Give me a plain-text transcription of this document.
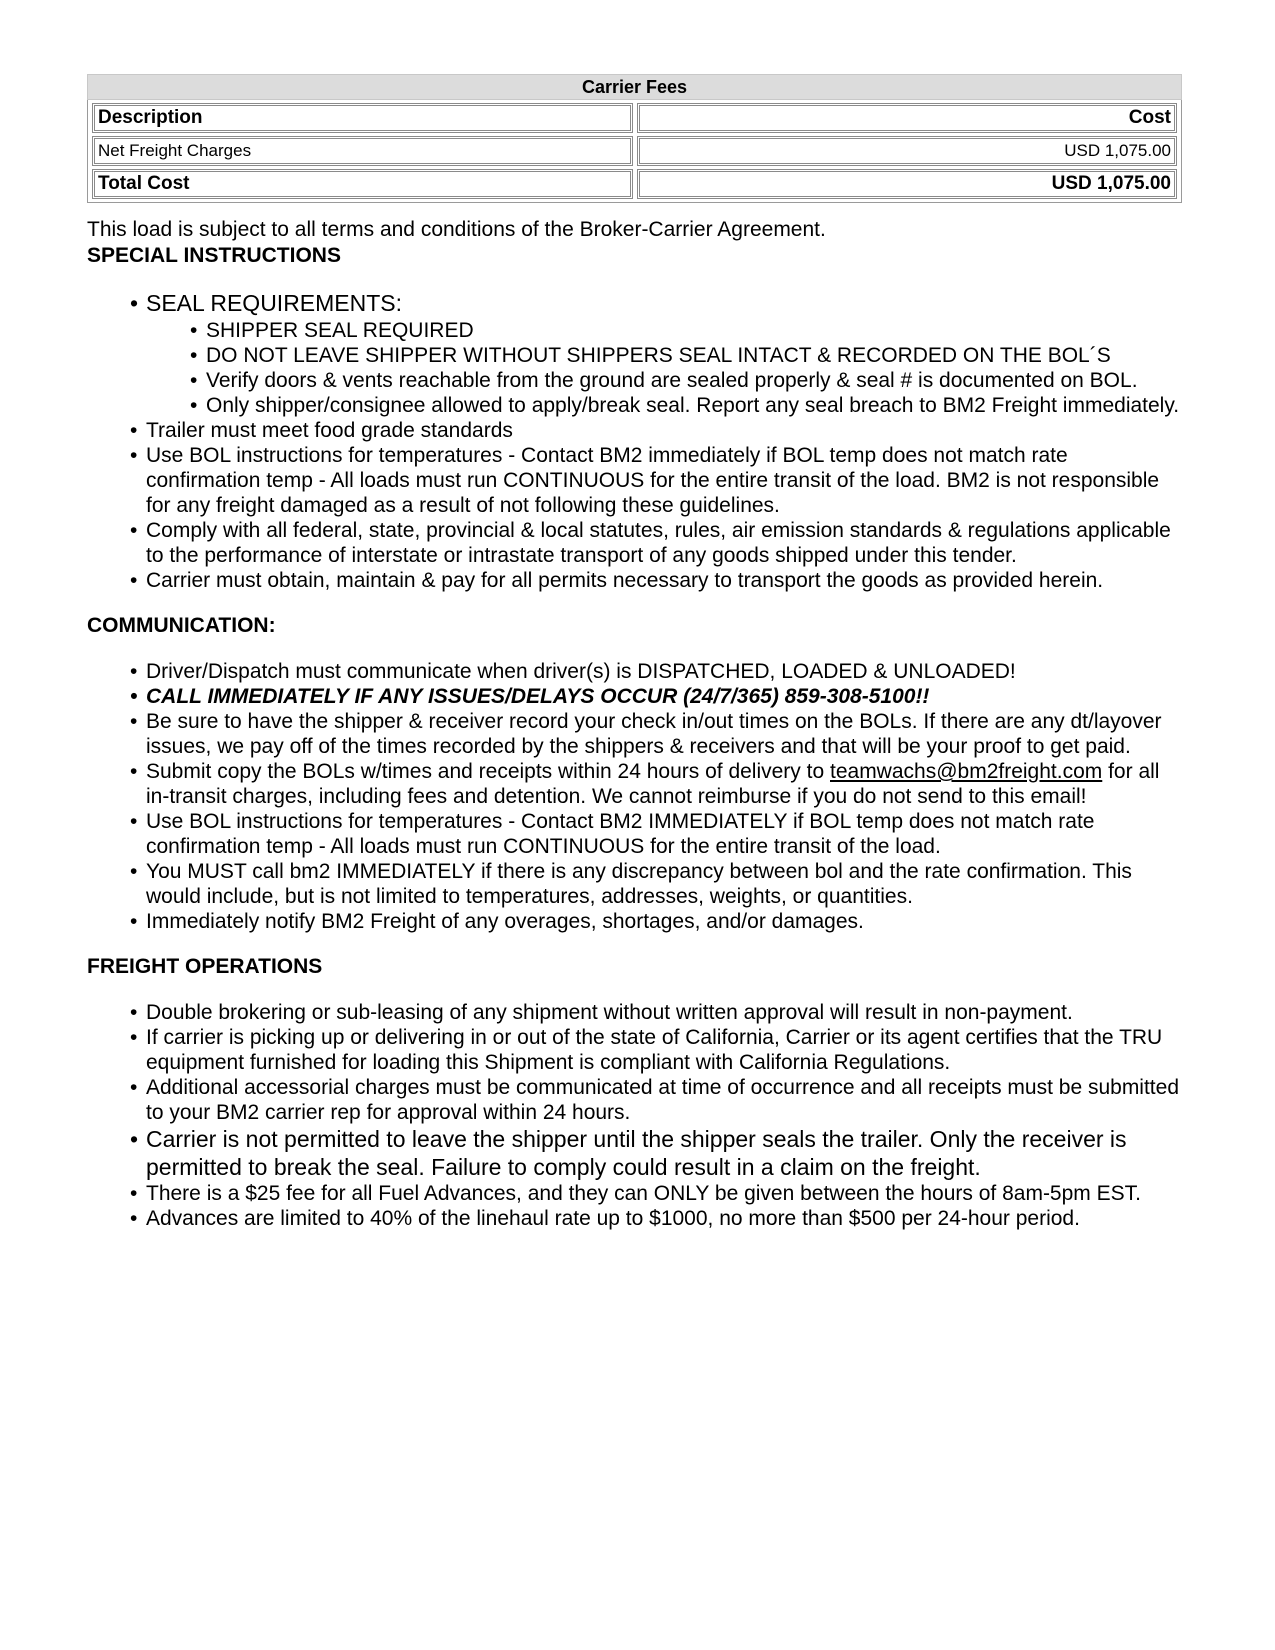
Carrier Fees
Description	Cost
Net Freight Charges	USD 1,075.00
Total Cost	USD 1,075.00
This load is subject to all terms and conditions of the Broker-Carrier Agreement.
SPECIAL INSTRUCTIONS
• SEAL REQUIREMENTS:
• SHIPPER SEAL REQUIRED
• DO NOT LEAVE SHIPPER WITHOUT SHIPPERS SEAL INTACT & RECORDED ON THE BOL´S
• Verify doors & vents reachable from the ground are sealed properly & seal # is documented on BOL.
• Only shipper/consignee allowed to apply/break seal. Report any seal breach to BM2 Freight immediately.
• Trailer must meet food grade standards
• Use BOL instructions for temperatures - Contact BM2 immediately if BOL temp does not match rate confirmation temp - All loads must run CONTINUOUS for the entire transit of the load. BM2 is not responsible for any freight damaged as a result of not following these guidelines.
• Comply with all federal, state, provincial & local statutes, rules, air emission standards & regulations applicable to the performance of interstate or intrastate transport of any goods shipped under this tender.
• Carrier must obtain, maintain & pay for all permits necessary to transport the goods as provided herein.
COMMUNICATION:
• Driver/Dispatch must communicate when driver(s) is DISPATCHED, LOADED & UNLOADED!
• CALL IMMEDIATELY IF ANY ISSUES/DELAYS OCCUR (24/7/365) 859-308-5100!!
• Be sure to have the shipper & receiver record your check in/out times on the BOLs. If there are any dt/layover issues, we pay off of the times recorded by the shippers & receivers and that will be your proof to get paid.
• Submit copy the BOLs w/times and receipts within 24 hours of delivery to teamwachs@bm2freight.com for all in-transit charges, including fees and detention. We cannot reimburse if you do not send to this email!
• Use BOL instructions for temperatures - Contact BM2 IMMEDIATELY if BOL temp does not match rate confirmation temp - All loads must run CONTINUOUS for the entire transit of the load.
• You MUST call bm2 IMMEDIATELY if there is any discrepancy between bol and the rate confirmation. This would include, but is not limited to temperatures, addresses, weights, or quantities.
• Immediately notify BM2 Freight of any overages, shortages, and/or damages.
FREIGHT OPERATIONS
• Double brokering or sub-leasing of any shipment without written approval will result in non-payment.
• If carrier is picking up or delivering in or out of the state of California, Carrier or its agent certifies that the TRU equipment furnished for loading this Shipment is compliant with California Regulations.
• Additional accessorial charges must be communicated at time of occurrence and all receipts must be submitted to your BM2 carrier rep for approval within 24 hours.
• Carrier is not permitted to leave the shipper until the shipper seals the trailer. Only the receiver is permitted to break the seal. Failure to comply could result in a claim on the freight.
• There is a $25 fee for all Fuel Advances, and they can ONLY be given between the hours of 8am-5pm EST.
• Advances are limited to 40% of the linehaul rate up to $1000, no more than $500 per 24-hour period.
